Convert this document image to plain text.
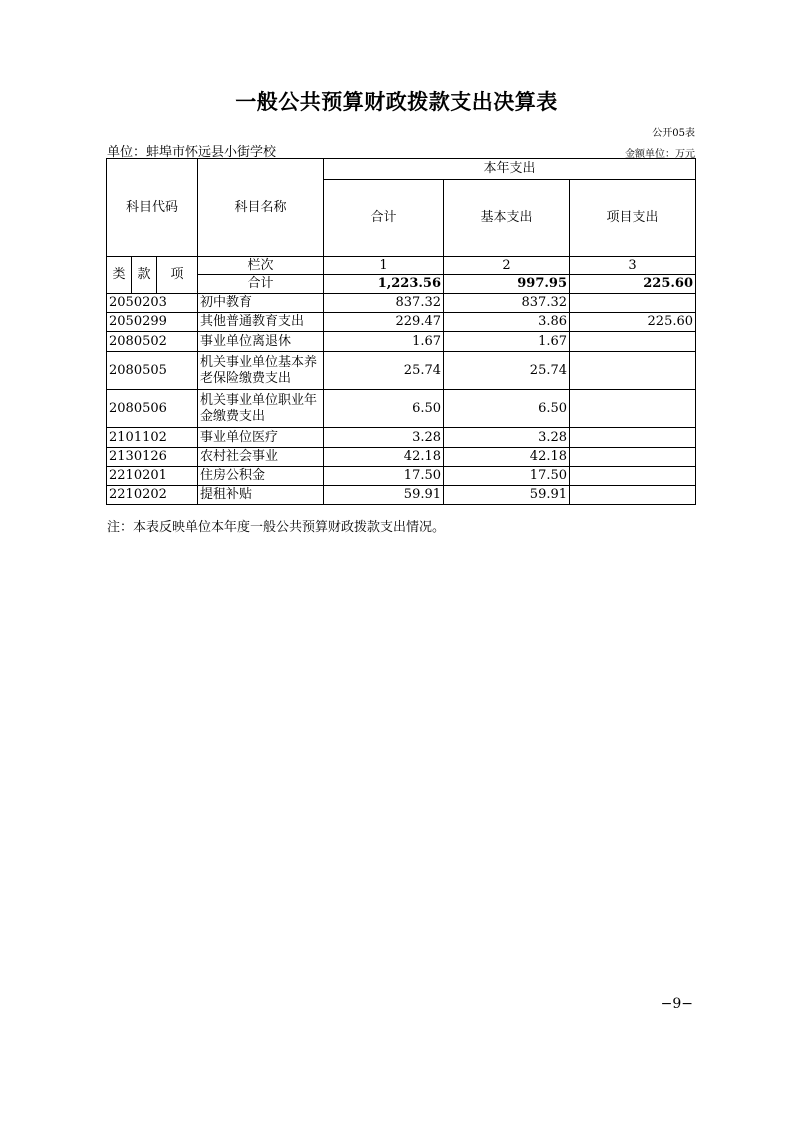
一般公共预算财政拨款支出决算表
公开05表
单位：蚌埠市怀远县小街学校	金额单位：万元
科目代码			科目名称	本年支出		
				合计	基本支出	项目支出
类	款	项	栏次	1	2	3
			合计	1,223.56	997.95	225.60
2050203			初中教育	837.32	837.32	
2050299			其他普通教育支出	229.47	3.86	225.60
2080502			事业单位离退休	1.67	1.67	
2080505			机关事业单位基本养老保险缴费支出	25.74	25.74	
2080506			机关事业单位职业年金缴费支出	6.50	6.50	
2101102			事业单位医疗	3.28	3.28	
2130126			农村社会事业	42.18	42.18	
2210201			住房公积金	17.50	17.50	
2210202			提租补贴	59.91	59.91	
注：本表反映单位本年度一般公共预算财政拨款支出情况。
−9−
